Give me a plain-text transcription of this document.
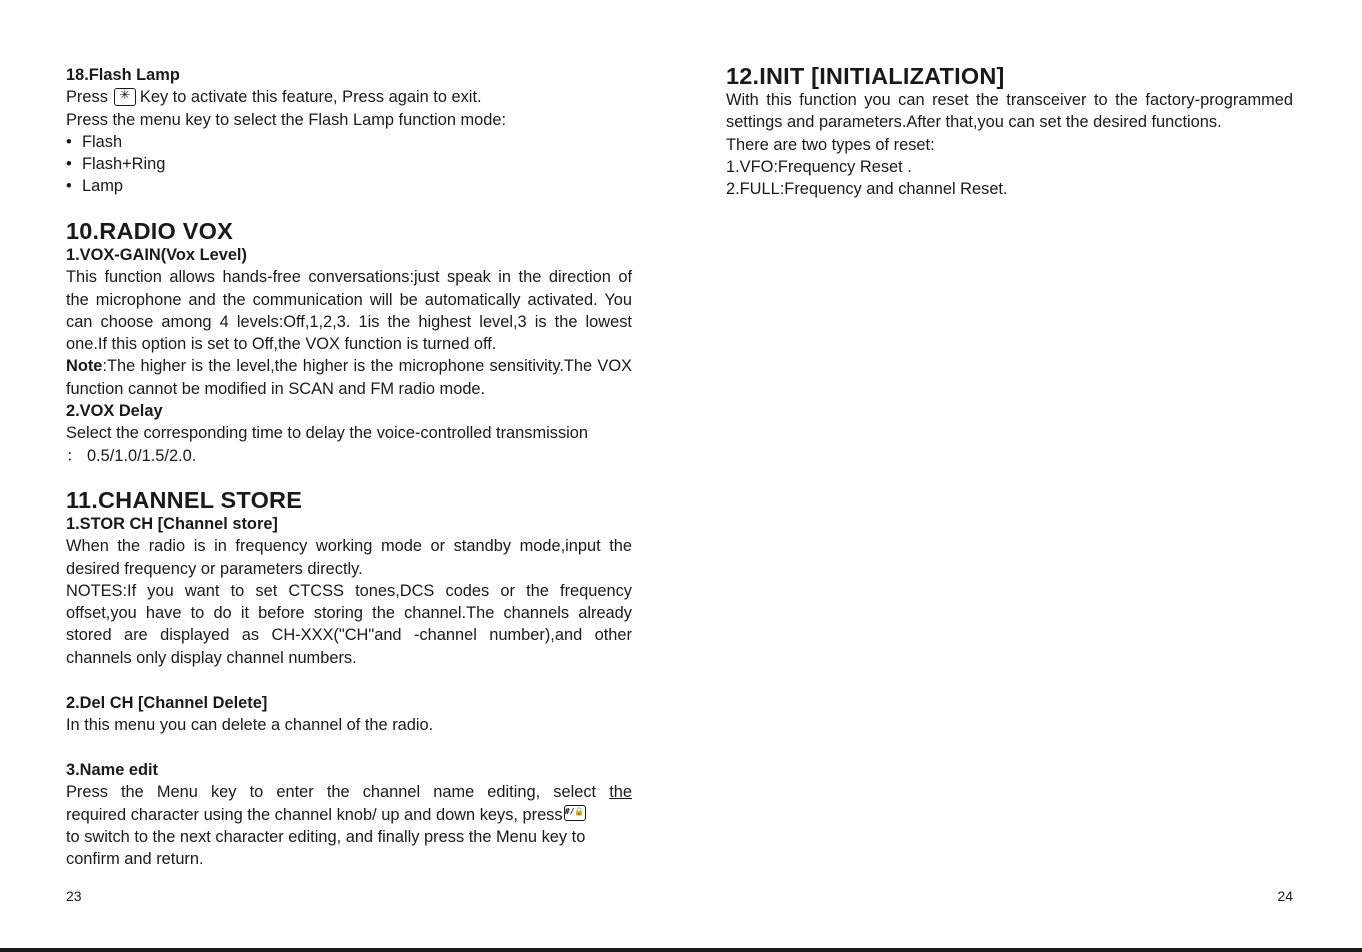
18.Flash Lamp
Press ✳ Key to activate this feature, Press again to exit.
Press the menu key to select the Flash Lamp function mode:
• Flash
• Flash+Ring
• Lamp
10.RADIO VOX
1.VOX-GAIN(Vox Level)
This function allows hands-free conversations:just speak in the direction of the microphone and the communication will be automatically activated. You can choose among 4 levels:Off,1,2,3. 1is the highest level,3 is the lowest one.If this option is set to Off,the VOX function is turned off.
Note:The higher is the level,the higher is the microphone sensitivity.The VOX function cannot be modified in SCAN and FM radio mode.
2.VOX Delay
Select the corresponding time to delay the voice-controlled transmission
： 0.5/1.0/1.5/2.0.
11.CHANNEL STORE
1.STOR CH [Channel store]
When the radio is in frequency working mode or standby mode,input the desired frequency or parameters directly.
NOTES:If you want to set CTCSS tones,DCS codes or the frequency offset,you have to do it before storing the channel.The channels already stored are displayed as CH-XXX("CH"and -channel number),and other channels only display channel numbers.
2.Del CH [Channel Delete]
In this menu you can delete a channel of the radio.
3.Name edit
Press the Menu key to enter the channel name editing, select the
required character using the channel knob/ up and down keys, press #/🔒
to switch to the next character editing, and finally press the Menu key to
confirm and return.
23
12.INIT [INITIALIZATION]
With this function you can reset the transceiver to the factory-programmed settings and parameters.After that,you can set the desired functions.
There are two types of reset:
1.VFO:Frequency Reset .
2.FULL:Frequency and channel Reset.
24
